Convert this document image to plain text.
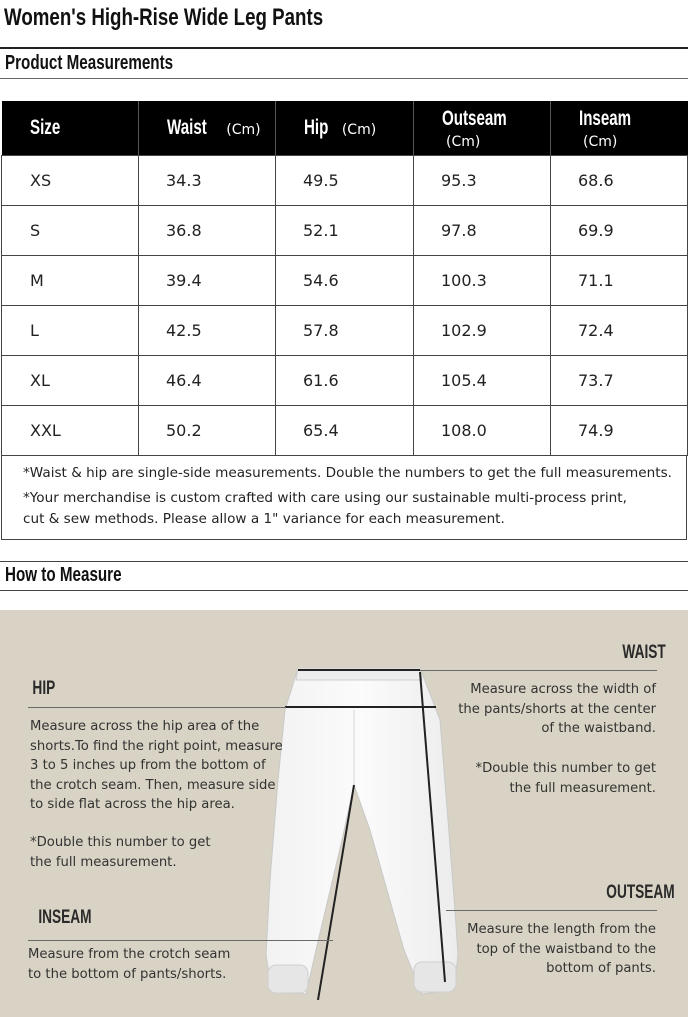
Women's High-Rise Wide Leg Pants
Product Measurements
Size	Waist (Cm)	Hip (Cm)	Outseam(Cm)	Inseam(Cm)
XS	34.3	49.5	95.3	68.6
S	36.8	52.1	97.8	69.9
M	39.4	54.6	100.3	71.1
L	42.5	57.8	102.9	72.4
XL	46.4	61.6	105.4	73.7
XXL	50.2	65.4	108.0	74.9
*Waist & hip are single-side measurements. Double the numbers to get the full measurements.
*Your merchandise is custom crafted with care using our sustainable multi-process print,
cut & sew methods. Please allow a 1" variance for each measurement.
How to Measure
HIP
Measure across the hip area of the
shorts.To find the right point, measure
3 to 5 inches up from the bottom of
the crotch seam. Then, measure side
to side flat across the hip area.
*Double this number to get
the full measurement.
INSEAM
Measure from the crotch seam
to the bottom of pants/shorts.
WAIST
Measure across the width of
the pants/shorts at the center
of the waistband.
*Double this number to get
the full measurement.
OUTSEAM
Measure the length from the
top of the waistband to the
bottom of pants.
